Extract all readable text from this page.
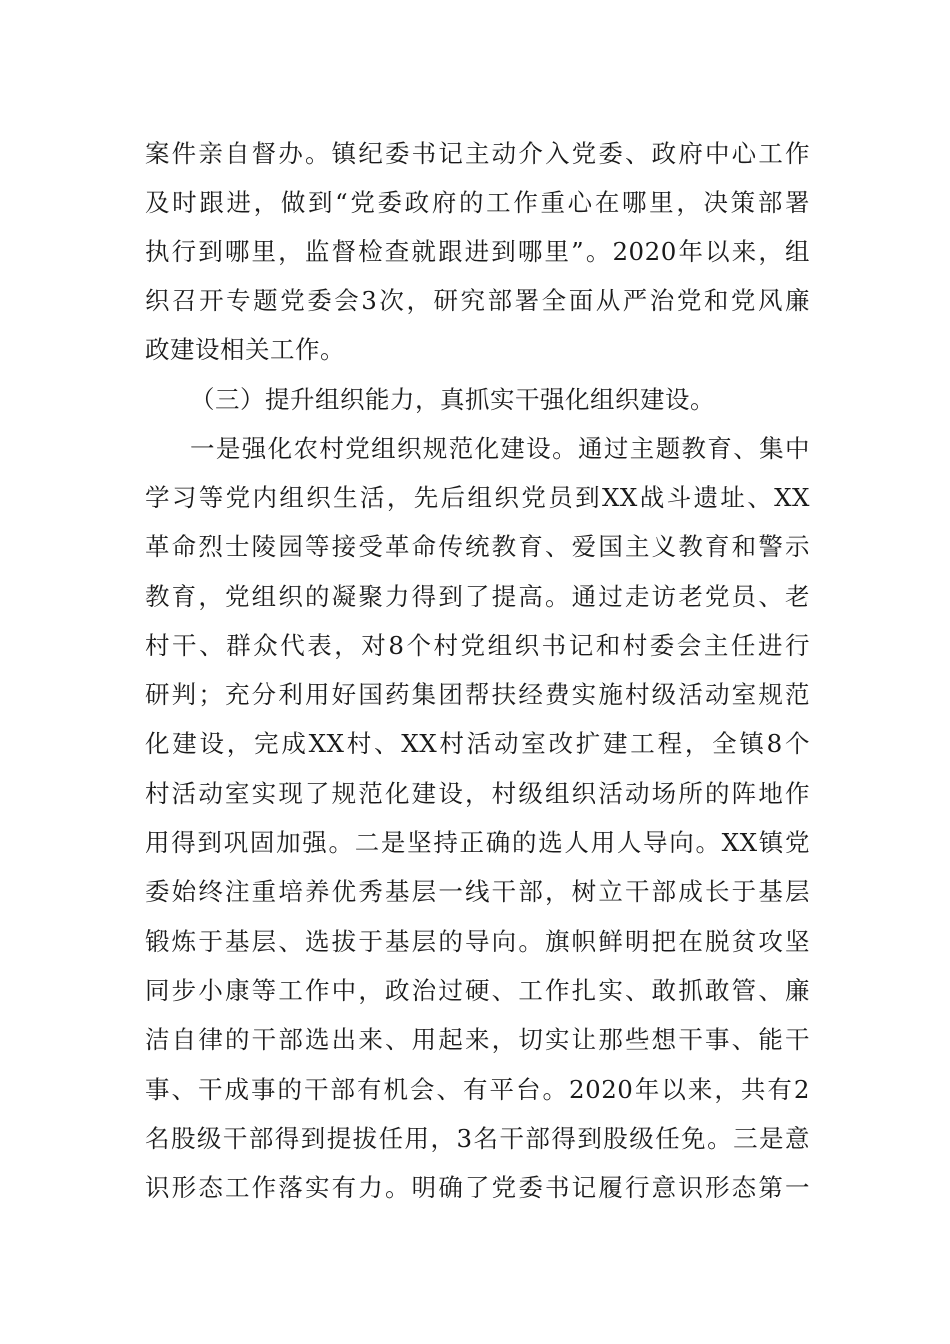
案件亲自督办。镇纪委书记主动介入党委、政府中心工作
及时跟进，做到“党委政府的工作重心在哪里，决策部署
执行到哪里，监督检查就跟进到哪里”。2020年以来，组
织召开专题党委会3次，研究部署全面从严治党和党风廉
政建设相关工作。
（三）提升组织能力，真抓实干强化组织建设。
一是强化农村党组织规范化建设。通过主题教育、集中
学习等党内组织生活，先后组织党员到XX战斗遗址、XX
革命烈士陵园等接受革命传统教育、爱国主义教育和警示
教育，党组织的凝聚力得到了提高。通过走访老党员、老
村干、群众代表，对8个村党组织书记和村委会主任进行
研判；充分利用好国药集团帮扶经费实施村级活动室规范
化建设，完成XX村、XX村活动室改扩建工程，全镇8个
村活动室实现了规范化建设，村级组织活动场所的阵地作
用得到巩固加强。二是坚持正确的选人用人导向。XX镇党
委始终注重培养优秀基层一线干部，树立干部成长于基层
锻炼于基层、选拔于基层的导向。旗帜鲜明把在脱贫攻坚
同步小康等工作中，政治过硬、工作扎实、敢抓敢管、廉
洁自律的干部选出来、用起来，切实让那些想干事、能干
事、干成事的干部有机会、有平台。2020年以来，共有2
名股级干部得到提拔任用，3名干部得到股级任免。三是意
识形态工作落实有力。明确了党委书记履行意识形态第一
